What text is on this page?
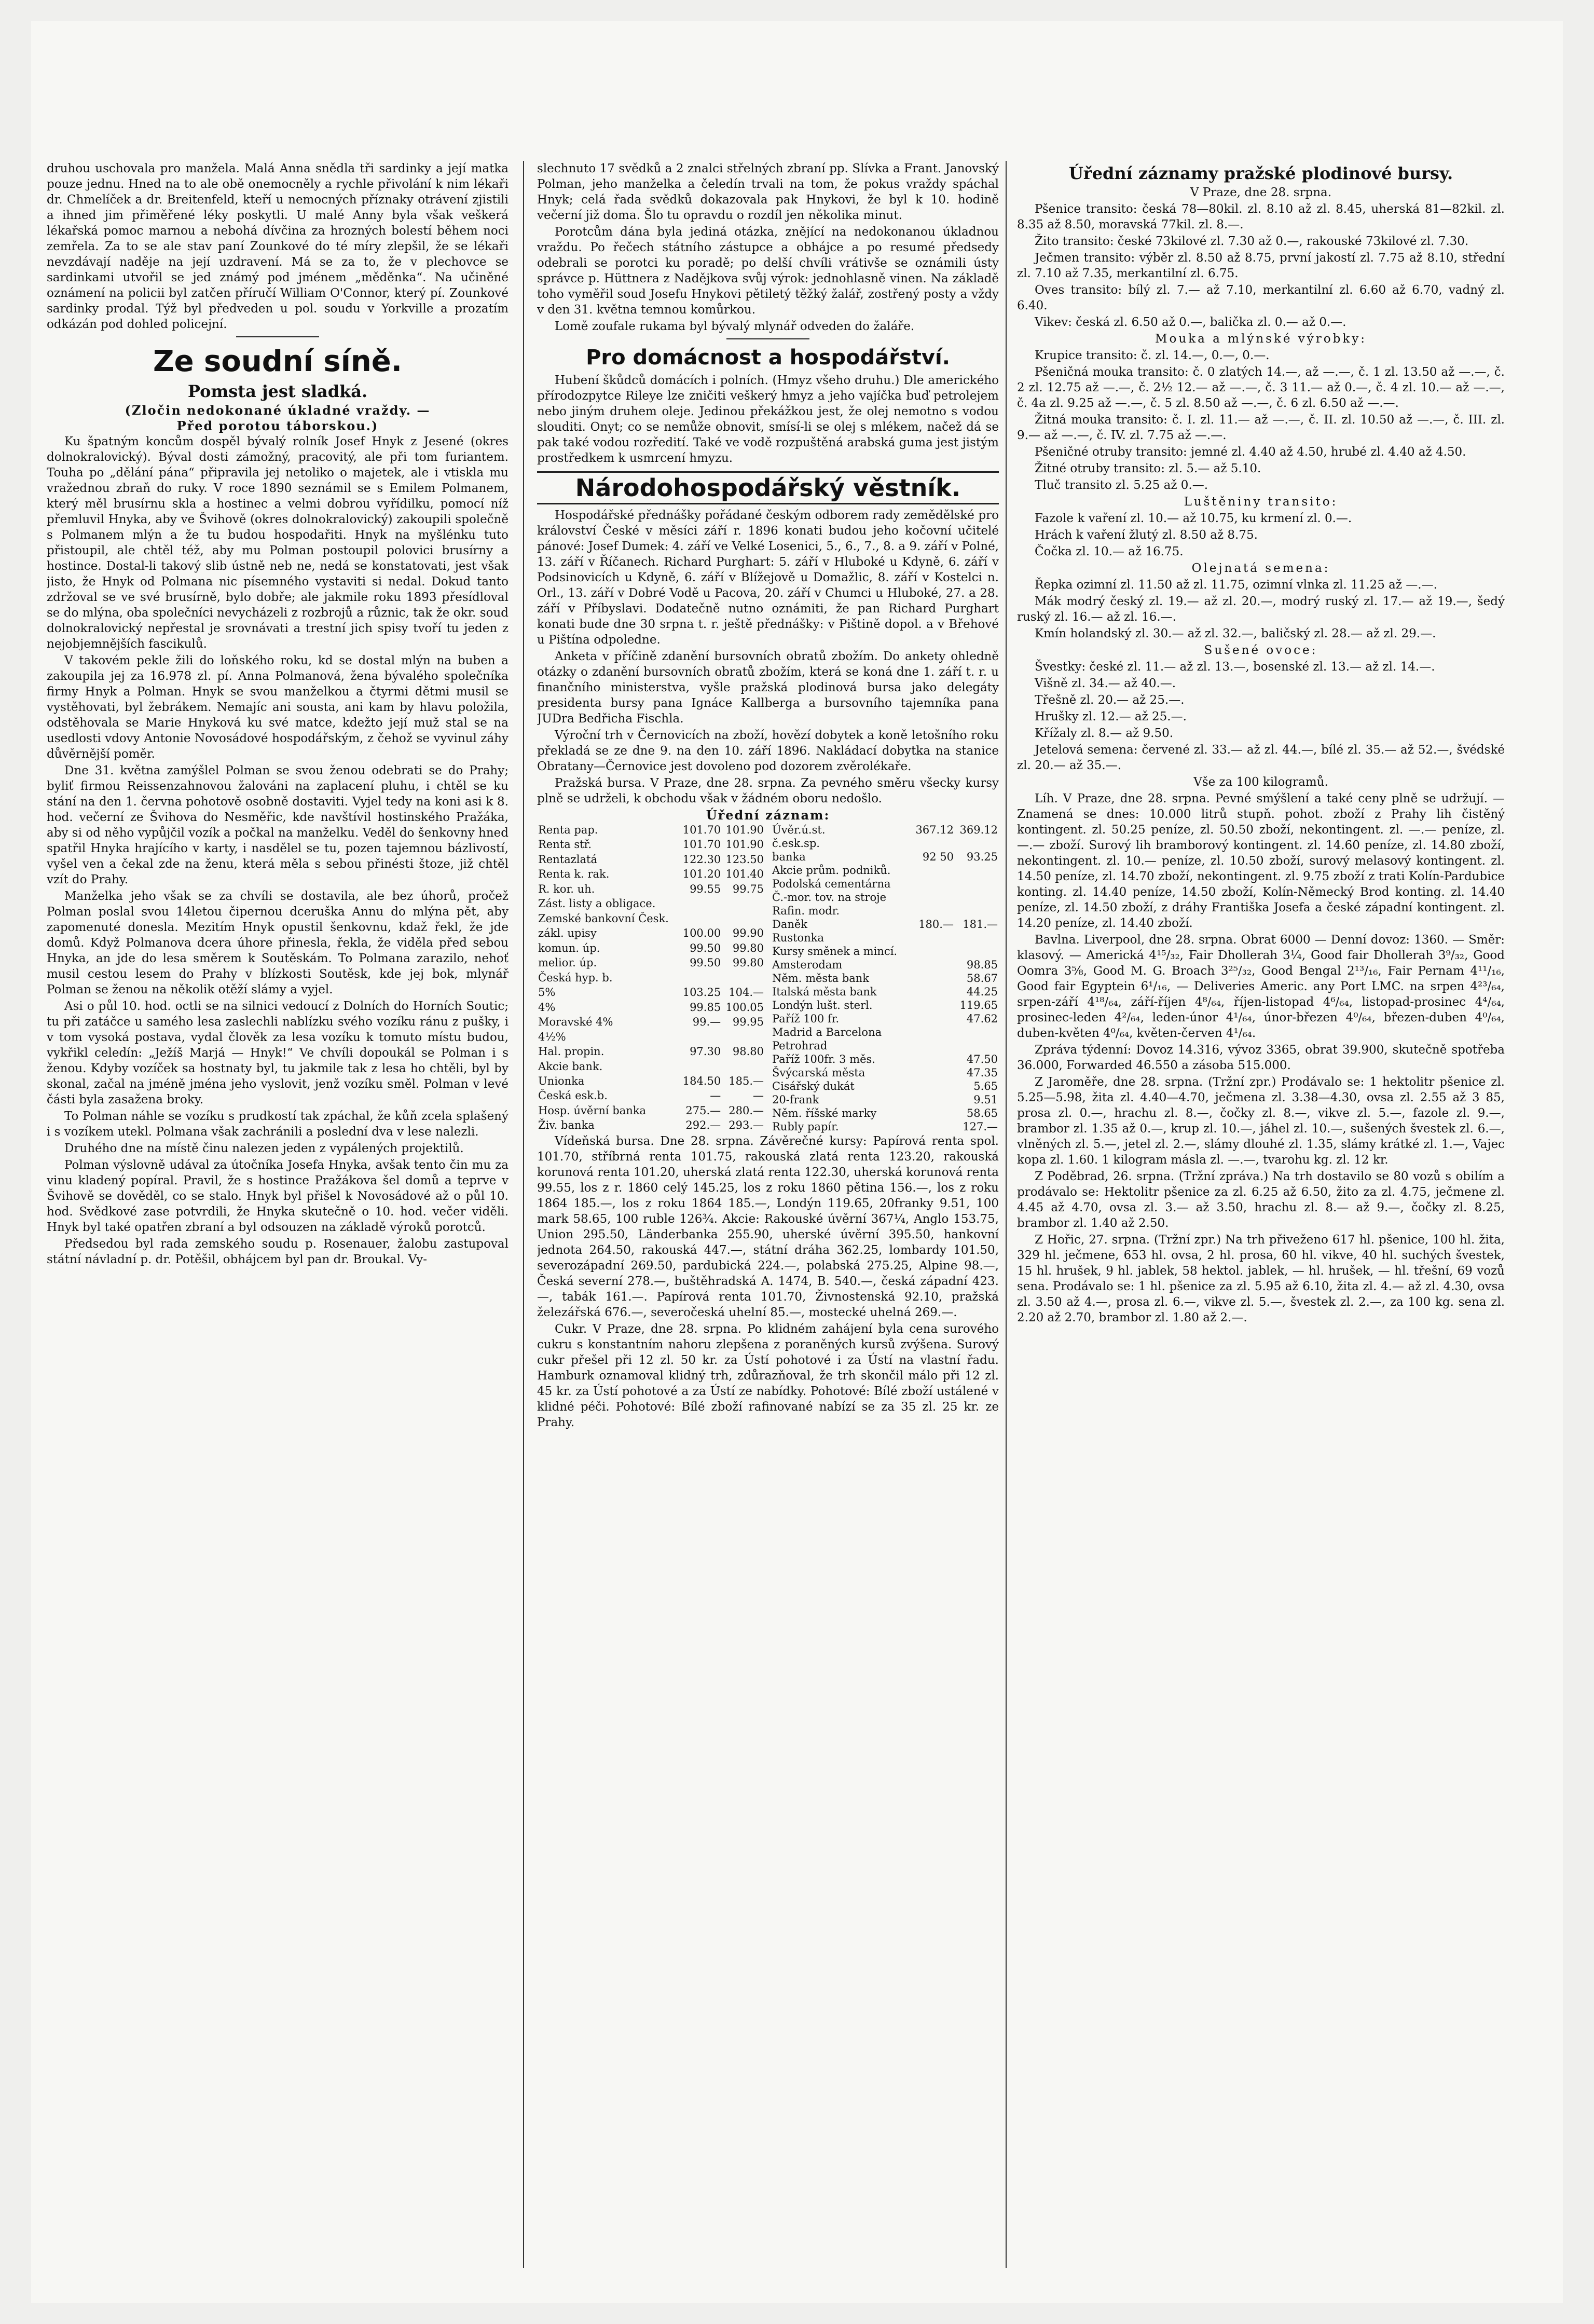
druhou uschovala pro manžela. Malá Anna snědla tři sardinky a její matka pouze jednu. Hned na to ale obě onemocněly a rychle přivolání k nim lékaři dr. Chmelíček a dr. Breitenfeld, kteří u nemocných příznaky otrávení zjistili a ihned jim přiměřené léky poskytli. U malé Anny byla však veškerá lékařská pomoc marnou a nebohá dívčina za hrozných bolestí během noci zemřela. Za to se ale stav paní Zounkové do té míry zlepšil, že se lékaři nevzdávají naděje na její uzdravení. Má se za to, že v plechovce se sardinkami utvořil se jed známý pod jménem „měděnka“. Na učiněné oznámení na policii byl zatčen příručí William O'Connor, který pí. Zounkové sardinky prodal. Týž byl předveden u pol. soudu v Yorkville a prozatím odkázán pod dohled policejní.

Ze soudní síně.
Pomsta jest sladká.
(Zločin nedokonané úkladné vraždy. —
Před porotou táborskou.)

Ku špatným koncům dospěl bývalý rolník Josef Hnyk z Jesené (okres dolnokralovický). Býval dosti zámožný, pracovitý, ale při tom furiantem. Touha po „dělání pána“ připravila jej netoliko o majetek, ale i vtiskla mu vražednou zbraň do ruky. V roce 1890 seznámil se s Emilem Polmanem, který měl brusírnu skla a hostinec a velmi dobrou vyřídilku, pomocí níž přemluvil Hnyka, aby ve Švihově (okres dolnokralovický) zakoupili společně s Polmanem mlýn a že tu budou hospodařiti. Hnyk na myšlénku tuto přistoupil, ale chtěl též, aby mu Polman postoupil polovici brusírny a hostince. Dostal-li takový slib ústně neb ne, nedá se konstatovati, jest však jisto, že Hnyk od Polmana nic písemného vystaviti si nedal. Dokud tanto zdržoval se ve své brusírně, bylo dobře; ale jakmile roku 1893 přesídloval se do mlýna, oba společníci nevycházeli z rozbrojů a různic, tak že okr. soud dolnokralovický nepřestal je srovnávati a trestní jich spisy tvoří tu jeden z nejobjemnějších fascikulů.

V takovém pekle žili do loňského roku, kd se dostal mlýn na buben a zakoupila jej za 16.978 zl. pí. Anna Polmanová, žena bývalého společníka firmy Hnyk a Polman. Hnyk se svou manželkou a čtyrmi dětmi musil se vystěhovati, byl žebrákem. Nemajíc ani sousta, ani kam by hlavu položila, odstěhovala se Marie Hnyková ku své matce, kdežto její muž stal se na usedlosti vdovy Antonie Novosádové hospodářským, z čehož se vyvinul záhy důvěrnější poměr.

Dne 31. května zamýšlel Polman se svou ženou odebrati se do Prahy; byliť firmou Reissenzahnovou žalováni na zaplacení pluhu, i chtěl se ku stání na den 1. června pohotově osobně dostaviti. Vyjel tedy na koni asi k 8. hod. večerní ze Švihova do Nesměřic, kde navštívil hostinského Pražáka, aby si od něho vypůjčil vozík a počkal na manželku. Veděl do šenkovny hned spatřil Hnyka hrajícího v karty, i nasdělel se tu, pozen tajemnou bázlivostí, vyšel ven a čekal zde na ženu, která měla s sebou přinésti štoze, již chtěl vzít do Prahy.

Manželka jeho však se za chvíli se dostavila, ale bez úhorů, pročež Polman poslal svou 14letou čipernou dceruška Annu do mlýna pět, aby zapomenuté donesla. Mezitím Hnyk opustil šenkovnu, kdaž řekl, že jde domů. Když Polmanova dcera úhore přinesla, řekla, že viděla před sebou Hnyka, an jde do lesa směrem k Soutěskám. To Polmana zarazilo, nehoť musil cestou lesem do Prahy v blízkosti Soutěsk, kde jej bok, mlynář Polman se ženou na několik otěží slámy a vyjel.

Asi o půl 10. hod. octli se na silnici vedoucí z Dolních do Horních Soutic; tu při zatáčce u samého lesa zaslechli nablízku svého vozíku ránu z pušky, i v tom vysoká postava, vydal člověk za lesa vozíku k tomuto místu budou, vykřikl celedín: „Ježíš Marjá — Hnyk!“ Ve chvíli dopoukál se Polman i s ženou. Kdyby vozíček sa hostnaty byl, tu jakmile tak z lesa ho chtěli, byl by skonal, začal na jméně jména jeho vyslovit, jenž vozíku směl. Polman v levé části byla zasažena broky.

To Polman náhle se vozíku s prudkostí tak zpáchal, že kůň zcela splašený i s vozíkem utekl. Polmana však zachránili a poslední dva v lese nalezli.

Druhého dne na místě činu nalezen jeden z vypálených projektilů.

Polman výslovně udával za útočníka Josefa Hnyka, avšak tento čin mu za vinu kladený popíral. Pravil, že s hostince Pražákova šel domů a teprve v Švihově se dověděl, co se stalo. Hnyk byl přišel k Novosádové až o půl 10. hod. Svědkové zase potvrdili, že Hnyka skutečně o 10. hod. večer viděli. Hnyk byl také opatřen zbraní a byl odsouzen na základě výroků porotců.

Předsedou byl rada zemského soudu p. Rosenauer, žalobu zastupoval státní návladní p. dr. Potěšil, obhájcem byl pan dr. Broukal. Vy-

slechnuto 17 svědků a 2 znalci střelných zbraní pp. Slívka a Frant. Janovský Polman, jeho manželka a čeledín trvali na tom, že pokus vraždy spáchal Hnyk; celá řada svědků dokazovala pak Hnykovi, že byl k 10. hodině večerní již doma. Šlo tu opravdu o rozdíl jen několika minut.

Porotcům dána byla jediná otázka, znějící na nedokonanou úkladnou vraždu. Po řečech státního zástupce a obhájce a po resumé předsedy odebrali se porotci ku poradě; po delší chvíli vrátivše se oznámili ústy správce p. Hüttnera z Nadějkova svůj výrok: jednohlasně vinen. Na základě toho vyměřil soud Josefu Hnykovi pětiletý těžký žalář, zostřený posty a vždy v den 31. května temnou komůrkou.

Lomě zoufale rukama byl bývalý mlynář odveden do žaláře.

Pro domácnost a hospodářství.

Hubení škůdců domácích i polních. (Hmyz všeho druhu.) Dle amerického přírodozpytce Rileye lze zničiti veškerý hmyz a jeho vajíčka buď petrolejem nebo jiným druhem oleje. Jedinou překážkou jest, že olej nemotno s vodou slouditi. Onyt; co se nemůže obnovit, smísí-li se olej s mlékem, načež dá se pak také vodou rozředití. Také ve vodě rozpuštěná arabská guma jest jistým prostředkem k usmrcení hmyzu.

Národohospodářský věstník.

Hospodářské přednášky pořádané českým odborem rady zemědělské pro království České v měsíci září r. 1896 konati budou jeho kočovní učitelé pánové: Josef Dumek: 4. září ve Velké Losenici, 5., 6., 7., 8. a 9. září v Polné, 13. září v Říčanech. Richard Purghart: 5. září v Hluboké u Kdyně, 6. září v Podsinovicích u Kdyně, 6. září v Blížejově u Domažlic, 8. září v Kostelci n. Orl., 13. září v Dobré Vodě u Pacova, 20. září v Chumci u Hluboké, 27. a 28. září v Příbyslavi. Dodatečně nutno oznámiti, že pan Richard Purghart konati bude dne 30 srpna t. r. ještě přednášky: v Pištině dopol. a v Břehové u Pištína odpoledne.

Anketa v příčině zdanění bursovních obratů zbožím. Do ankety ohledně otázky o zdanění bursovních obratů zbožím, která se koná dne 1. září t. r. u finančního ministerstva, vyšle pražská plodinová bursa jako delegáty presidenta bursy pana Ignáce Kallberga a bursovního tajemníka pana JUDra Bedřicha Fischla.

Výroční trh v Černovicích na zboží, hovězí dobytek a koně letošního roku překladá se ze dne 9. na den 10. září 1896. Nakládací dobytka na stanice Obratany—Černovice jest dovoleno pod dozorem zvěrolékaře.

Pražská bursa. V Praze, dne 28. srpna. Za pevného směru všecky kursy plně se udrželi, k obchodu však v žádném oboru nedošlo.

Úřední záznam:
Renta pap.	101.70	101.90
Renta stř.	101.70	101.90
Rentazlatá	122.30	123.50
Renta k. rak.	101.20	101.40
R. kor. uh.	99.55	99.75
Zást. listy a obligace.		
Zemské bankovní Česk.		
zákl. upisy	100.00	99.90
komun. úp.	99.50	99.80
melior. úp.	99.50	99.80
Česká hyp. b.		
5%	103.25	104.—
4%	99.85	100.05
Moravské 4%	99.—	99.95
4½%		
Hal. propin.	97.30	98.80
Akcie bank.		
Unionka	184.50	185.—
Česká esk.b.	—	—
Hosp. úvěrní banka	275.—	280.—
Živ. banka	292.—	293.—
Úvěr.ú.st.	367.12	369.12
č.esk.sp.		
banka	92 50	93.25
Akcie prům. podniků.		
Podolská cementárna		
Č.-mor. tov. na stroje		
Rafin. modr.		
Daněk	180.—	181.—
Rustonka		
Kursy směnek a mincí.		
Amsterodam		98.85
Něm. města bank		58.67
Italská města bank		44.25
Londýn lušt. sterl.		119.65
Paříž 100 fr.		47.62
Madrid a Barcelona		
Petrohrad		
Paříž 100fr. 3 měs.		47.50
Švýcarská města		47.35
Cisářský dukát		5.65
20-frank		9.51
Něm. říšské marky		58.65
Rubly papír.		127.—

Vídeňská bursa. Dne 28. srpna. Závěrečné kursy: Papírová renta spol. 101.70, stříbrná renta 101.75, rakouská zlatá renta 123.20, rakouská korunová renta 101.20, uherská zlatá renta 122.30, uherská korunová renta 99.55, los z r. 1860 celý 145.25, los z roku 1860 pětina 156.—, los z roku 1864 185.—, los z roku 1864 185.—, Londýn 119.65, 20franky 9.51, 100 mark 58.65, 100 ruble 126¾. Akcie: Rakouské úvěrní 367¼, Anglo 153.75, Union 295.50, Länderbanka 255.90, uherské úvěrní 395.50, hankovní jednota 264.50, rakouská 447.—, státní dráha 362.25, lombardy 101.50, severozápadní 269.50, pardubická 224.—, polabská 275.25, Alpine 98.—, Česká severní 278.—, buštěhradská A. 1474, B. 540.—, česká západní 423.—, tabák 161.—. Papírová renta 101.70, Živnostenská 92.10, pražská železářská 676.—, severočeská uhelní 85.—, mostecké uhelná 269.—.

Cukr. V Praze, dne 28. srpna. Po klidném zahájení byla cena surového cukru s konstantním nahoru zlepšena z poraněných kursů zvýšena. Surový cukr přešel při 12 zl. 50 kr. za Ústí pohotové i za Ústí na vlastní řadu. Hamburk oznamoval klidný trh, zdůrazňoval, že trh skončil málo při 12 zl. 45 kr. za Ústí pohotové a za Ústí ze nabídky. Pohotové: Bílé zboží ustálené v klidné péči. Pohotové: Bílé zboží rafinované nabízí se za 35 zl. 25 kr. ze Prahy.

Úřední záznamy pražské plodinové bursy.

V Praze, dne 28. srpna.

Pšenice transito: česká 78—80kil. zl. 8.10 až zl. 8.45, uherská 81—82kil. zl. 8.35 až 8.50, moravská 77kil. zl. 8.—.

Žito transito: české 73kilové zl. 7.30 až 0.—, rakouské 73kilové zl. 7.30.

Ječmen transito: výběr zl. 8.50 až 8.75, první jakostí zl. 7.75 až 8.10, střední zl. 7.10 až 7.35, merkantilní zl. 6.75.

Oves transito: bílý zl. 7.— až 7.10, merkantilní zl. 6.60 až 6.70, vadný zl. 6.40.

Vikev: česká zl. 6.50 až 0.—, balička zl. 0.— až 0.—.

Mouka a mlýnské výrobky:

Krupice transito: č. zl. 14.—, 0.—, 0.—.

Pšeničná mouka transito: č. 0 zlatých 14.—, až —.—, č. 1 zl. 13.50 až —.—, č. 2 zl. 12.75 až —.—, č. 2½ 12.— až —.—, č. 3 11.— až 0.—, č. 4 zl. 10.— až —.—, č. 4a zl. 9.25 až —.—, č. 5 zl. 8.50 až —.—, č. 6 zl. 6.50 až —.—.

Žitná mouka transito: č. I. zl. 11.— až —.—, č. II. zl. 10.50 až —.—, č. III. zl. 9.— až —.—, č. IV. zl. 7.75 až —.—.

Pšeničné otruby transito: jemné zl. 4.40 až 4.50, hrubé zl. 4.40 až 4.50.

Žitné otruby transito: zl. 5.— až 5.10.

Tluč transito zl. 5.25 až 0.—.

Luštěniny transito:

Fazole k vaření zl. 10.— až 10.75, ku krmení zl. 0.—.

Hrách k vaření žlutý zl. 8.50 až 8.75.

Čočka zl. 10.— až 16.75.

Olejnatá semena:

Řepka ozimní zl. 11.50 až zl. 11.75, ozimní vlnka zl. 11.25 až —.—.

Mák modrý český zl. 19.— až zl. 20.—, modrý ruský zl. 17.— až 19.—, šedý ruský zl. 16.— až zl. 16.—.

Kmín holandský zl. 30.— až zl. 32.—, baličský zl. 28.— až zl. 29.—.

Sušené ovoce:

Švestky: české zl. 11.— až zl. 13.—, bosenské zl. 13.— až zl. 14.—.

Višně zl. 34.— až 40.—.

Třešně zl. 20.— až 25.—.

Hrušky zl. 12.— až 25.—.

Křížaly zl. 8.— až 9.50.

Jetelová semena: červené zl. 33.— až zl. 44.—, bílé zl. 35.— až 52.—, švédské zl. 20.— až 35.—.

Vše za 100 kilogramů.

Líh. V Praze, dne 28. srpna. Pevné smýšlení a také ceny plně se udržují. — Znamená se dnes: 10.000 litrů stupň. pohot. zboží z Prahy lih čistěný kontingent. zl. 50.25 peníze, zl. 50.50 zboží, nekontingent. zl. —.— peníze, zl. —.— zboží. Surový lih bramborový kontingent. zl. 14.60 peníze, zl. 14.80 zboží, nekontingent. zl. 10.— peníze, zl. 10.50 zboží, surový melasový kontingent. zl. 14.50 peníze, zl. 14.70 zboží, nekontingent. zl. 9.75 zboží z trati Kolín-Pardubice konting. zl. 14.40 peníze, 14.50 zboží, Kolín-Německý Brod konting. zl. 14.40 peníze, zl. 14.50 zboží, z dráhy Františka Josefa a české západní kontingent. zl. 14.20 peníze, zl. 14.40 zboží.

Bavlna. Liverpool, dne 28. srpna. Obrat 6000 — Denní dovoz: 1360. — Směr: klasový. — Americká 4¹⁵/₃₂, Fair Dhollerah 3¼, Good fair Dhollerah 3⁹/₃₂, Good Oomra 3⅝, Good M. G. Broach 3²⁵/₃₂, Good Bengal 2¹³/₁₆, Fair Pernam 4¹¹/₁₆, Good fair Egyptein 6¹/₁₆, — Deliveries Americ. any Port LMC. na srpen 4²³/₆₄, srpen-září 4¹⁸/₆₄, září-říjen 4⁸/₆₄, říjen-listopad 4⁶/₆₄, listopad-prosinec 4⁴/₆₄, prosinec-leden 4²/₆₄, leden-únor 4¹/₆₄, únor-březen 4⁰/₆₄, březen-duben 4⁰/₆₄, duben-květen 4⁰/₆₄, květen-červen 4¹/₆₄.

Zpráva týdenní: Dovoz 14.316, vývoz 3365, obrat 39.900, skutečně spotřeba 36.000, Forwarded 46.550 a zásoba 515.000.

Z Jaroměře, dne 28. srpna. (Tržní zpr.) Prodávalo se: 1 hektolitr pšenice zl. 5.25—5.98, žita zl. 4.40—4.70, ječmena zl. 3.38—4.30, ovsa zl. 2.55 až 3 85, prosa zl. 0.—, hrachu zl. 8.—, čočky zl. 8.—, vikve zl. 5.—, fazole zl. 9.—, brambor zl. 1.35 až 0.—, krup zl. 10.—, jáhel zl. 10.—, sušených švestek zl. 6.—, vlněných zl. 5.—, jetel zl. 2.—, slámy dlouhé zl. 1.35, slámy krátké zl. 1.—, Vajec kopa zl. 1.60. 1 kilogram másla zl. —.—, tvarohu kg. zl. 12 kr.

Z Poděbrad, 26. srpna. (Tržní zpráva.) Na trh dostavilo se 80 vozů s obilím a prodávalo se: Hektolitr pšenice za zl. 6.25 až 6.50, žito za zl. 4.75, ječmene zl. 4.45 až 4.70, ovsa zl. 3.— až 3.50, hrachu zl. 8.— až 9.—, čočky zl. 8.25, brambor zl. 1.40 až 2.50.

Z Hořic, 27. srpna. (Tržní zpr.) Na trh přiveženo 617 hl. pšenice, 100 hl. žita, 329 hl. ječmene, 653 hl. ovsa, 2 hl. prosa, 60 hl. vikve, 40 hl. suchých švestek, 15 hl. hrušek, 9 hl. jablek, 58 hektol. jablek, — hl. hrušek, — hl. třešní, 69 vozů sena. Prodávalo se: 1 hl. pšenice za zl. 5.95 až 6.10, žita zl. 4.— až zl. 4.30, ovsa zl. 3.50 až 4.—, prosa zl. 6.—, vikve zl. 5.—, švestek zl. 2.—, za 100 kg. sena zl. 2.20 až 2.70, brambor zl. 1.80 až 2.—.
